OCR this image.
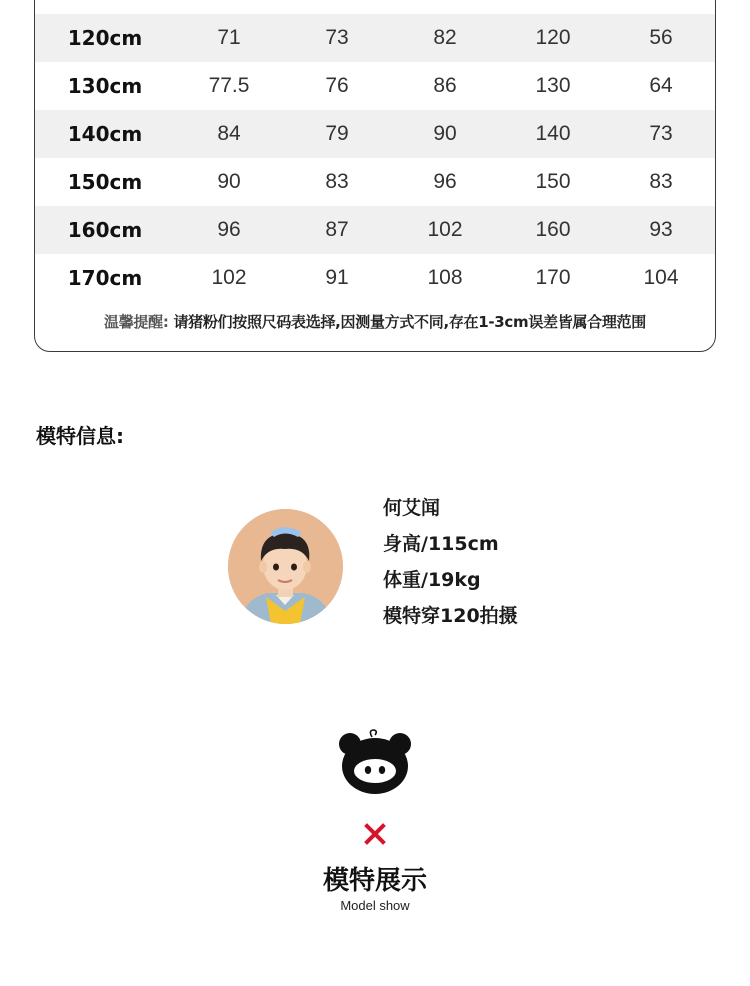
120cm	71	73	82	120	56
130cm	77.5	76	86	130	64
140cm	84	79	90	140	73
150cm	90	83	96	150	83
160cm	96	87	102	160	93
170cm	102	91	108	170	104
温馨提醒: 请猪粉们按照尺码表选择,因测量方式不同,存在1-3cm误差皆属合理范围
模特信息:
何艾闻
身高/115cm
体重/19kg
模特穿120拍摄
模特展示
Model show
